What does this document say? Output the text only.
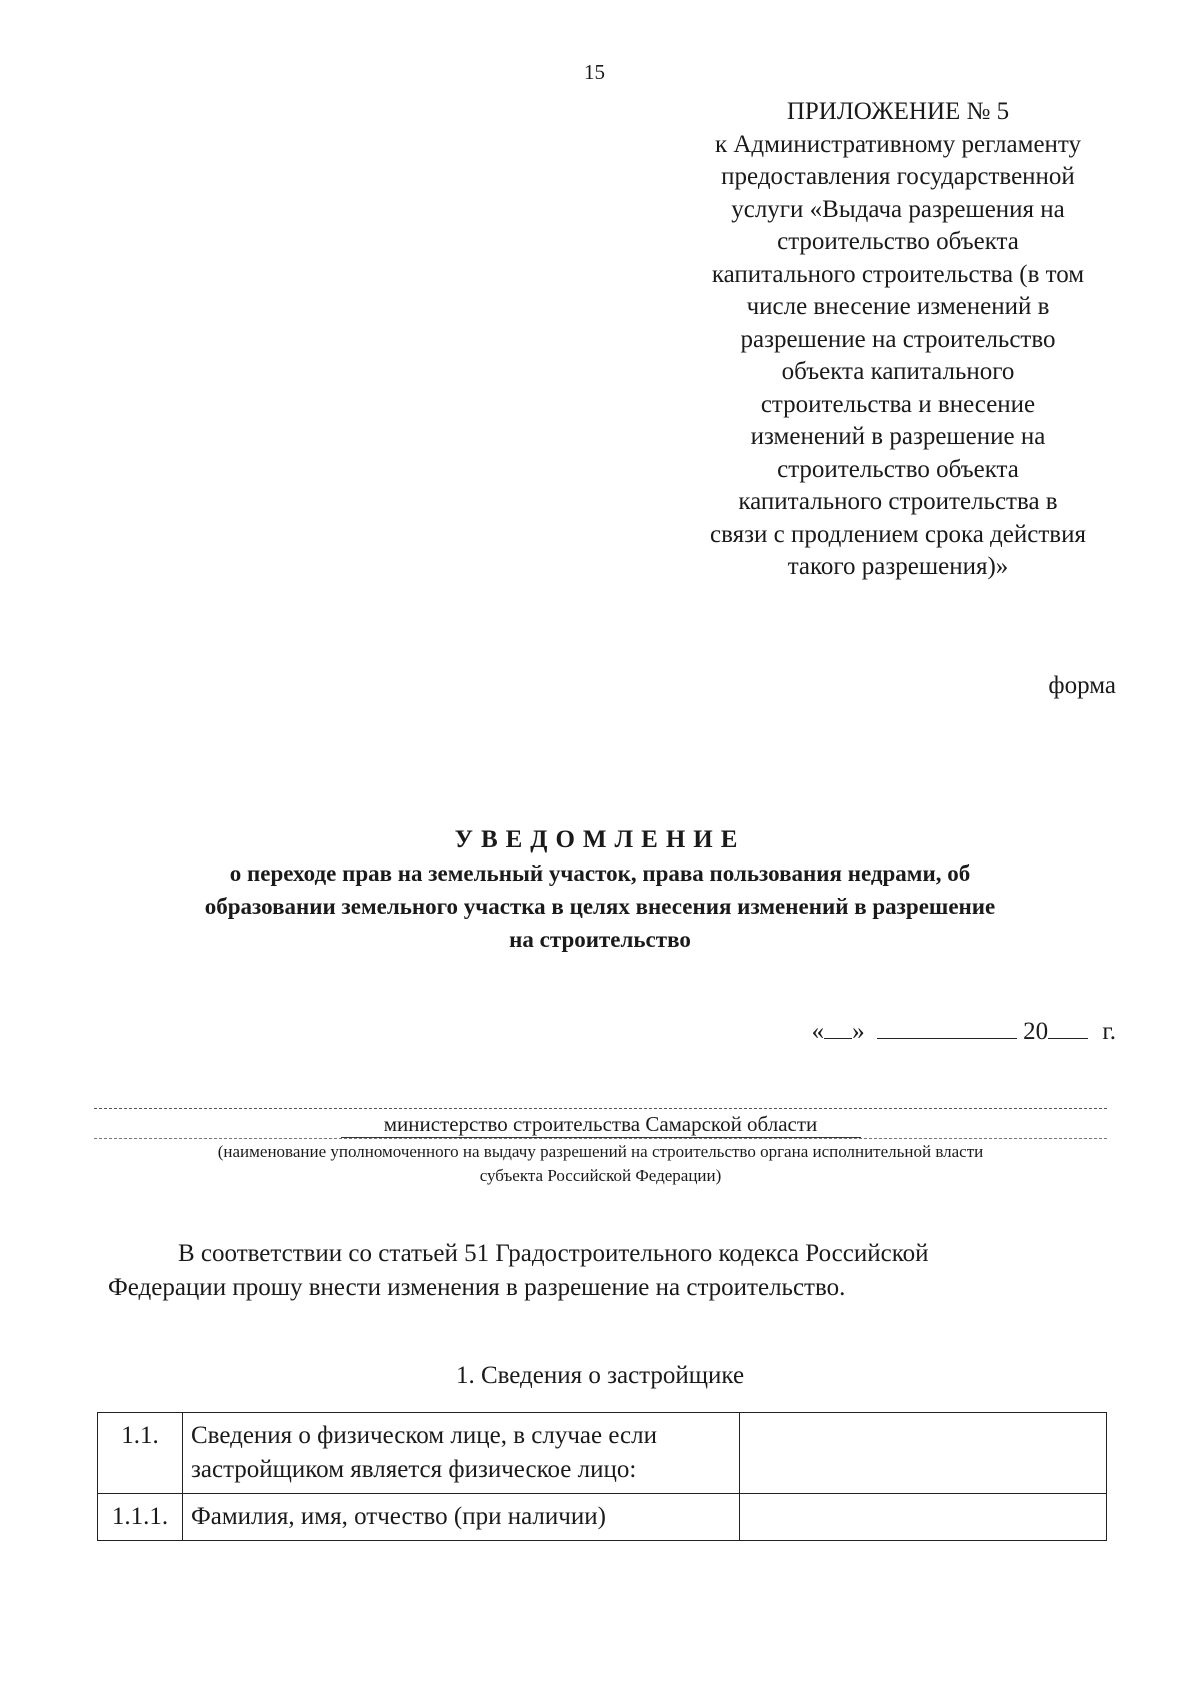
15
ПРИЛОЖЕНИЕ № 5
к Административному регламенту
предоставления государственной
услуги «Выдача разрешения на
строительство объекта
капитального строительства (в том
числе внесение изменений в
разрешение на строительство
объекта капитального
строительства и внесение
изменений в разрешение на
строительство объекта
капитального строительства в
связи с продлением срока действия
такого разрешения)»
форма
УВЕДОМЛЕНИЕ
о переходе прав на земельный участок, права пользования недрами, об
образовании земельного участка в целях внесения изменений в разрешение
на строительство
« »	20 г.
министерство строительства Самарской области
(наименование уполномоченного на выдачу разрешений на строительство органа исполнительной власти
субъекта Российской Федерации)
В соответствии со статьей 51 Градостроительного кодекса Российской
Федерации прошу внести изменения в разрешение на строительство.
1. Сведения о застройщике
1.1.	Сведения о физическом лице, в случае если застройщиком является физическое лицо:	
1.1.1.	Фамилия, имя, отчество (при наличии)	
